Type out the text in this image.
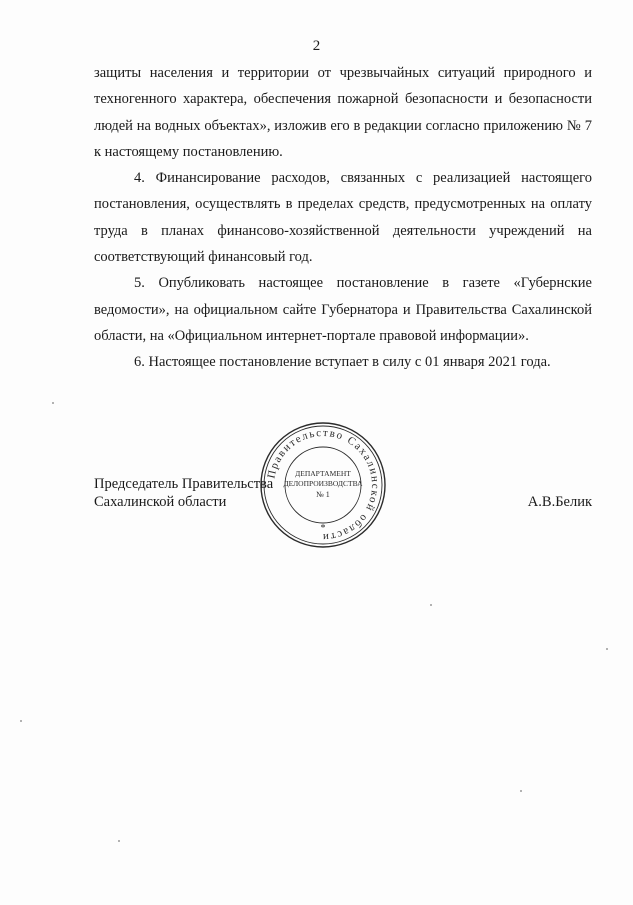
2

защиты населения и территории от чрезвычайных ситуаций природного и техногенного характера, обеспечения пожарной безопасности и безопасности людей на водных объектах», изложив его в редакции согласно приложению № 7 к настоящему постановлению.

4. Финансирование расходов, связанных с реализацией настоящего постановления, осуществлять в пределах средств, предусмотренных на оплату труда в планах финансово-хозяйственной деятельности учреждений на соответствующий финансовый год.

5. Опубликовать настоящее постановление в газете «Губернские ведомости», на официальном сайте Губернатора и Правительства Сахалинской области, на «Официальном интернет-портале правовой информации».

6. Настоящее постановление вступает в силу с 01 января 2021 года.

Председатель Правительства
Сахалинской области	А.В.Белик
Правительство Сахалинской области
ДЕПАРТАМЕНТ
ДЕЛОПРОИЗВОДСТВА
№ 1
*
